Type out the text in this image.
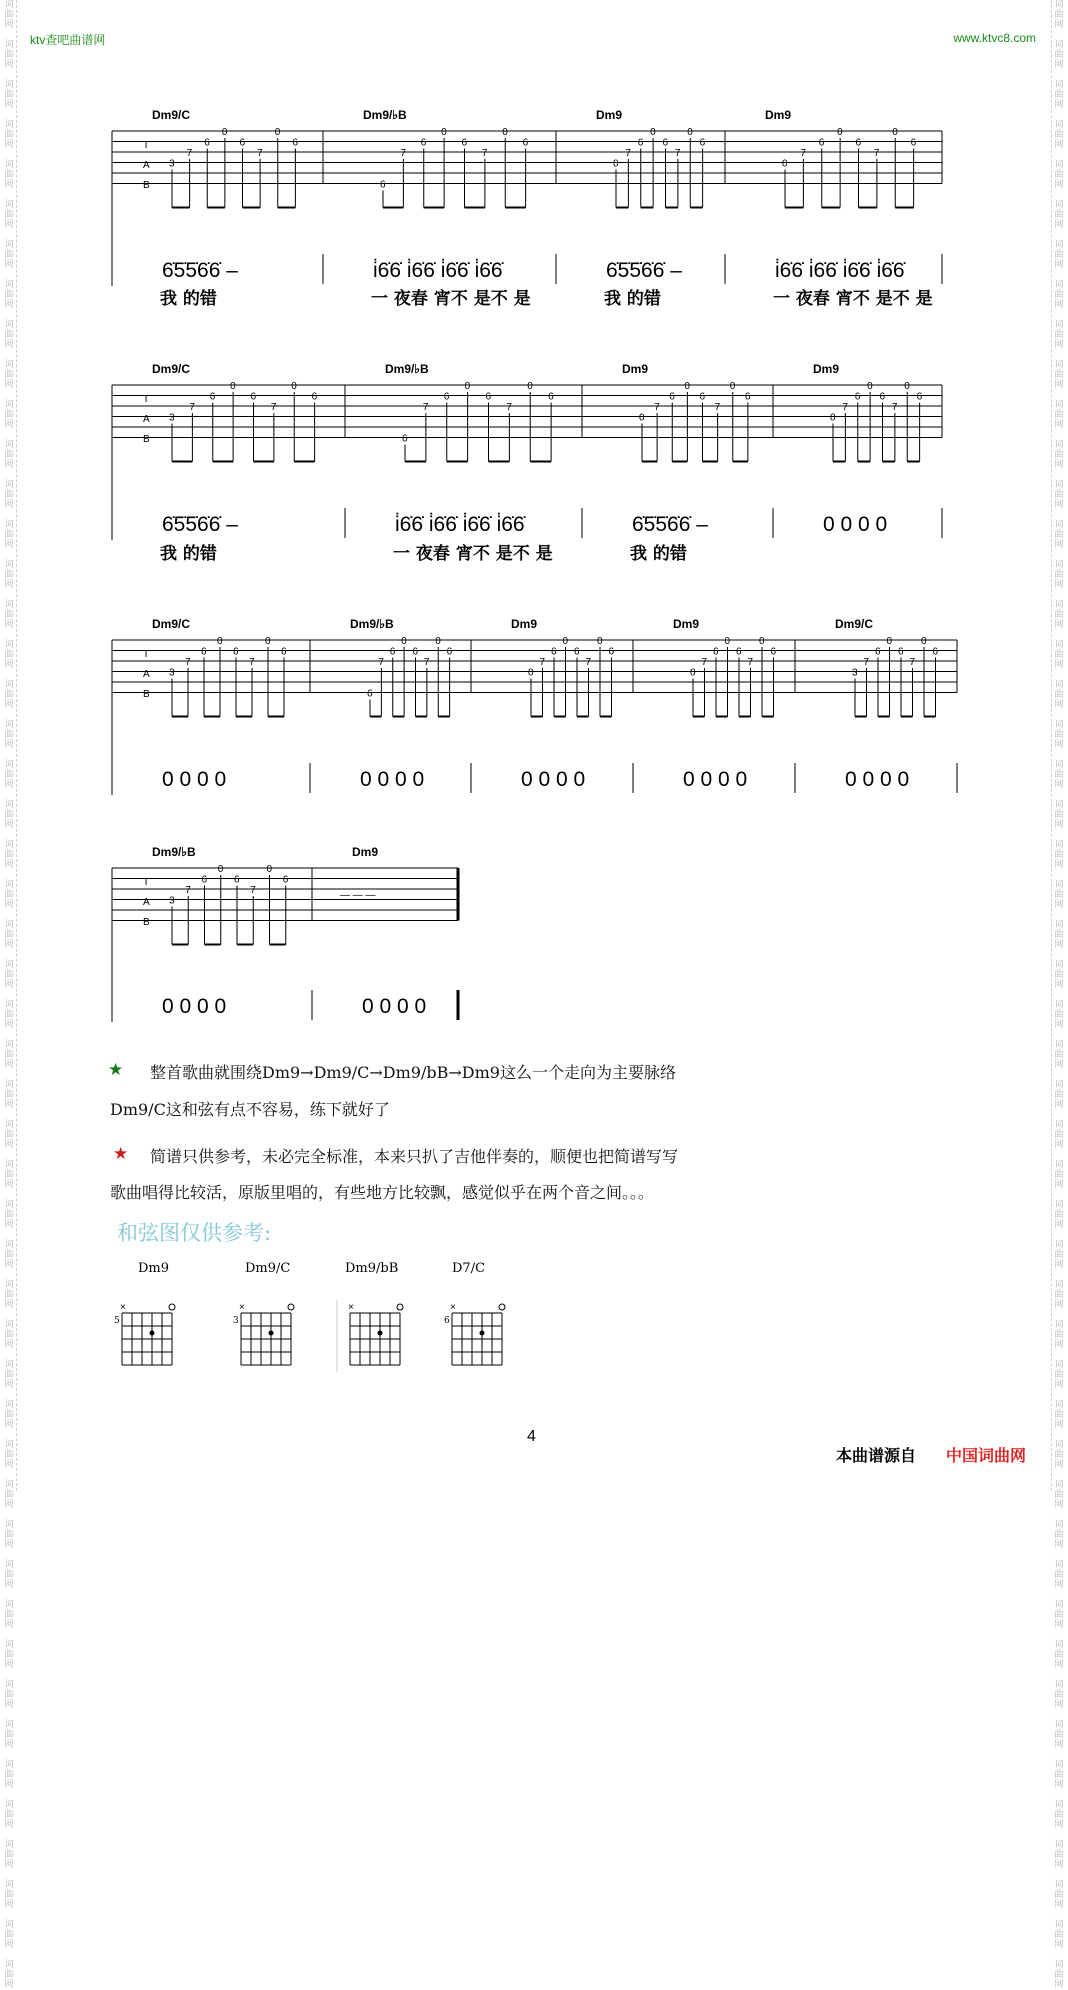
词
曲
网

词
曲
网

词
曲
网

词
曲
网

词
曲
网

词
曲
网

词
曲
网

词
曲
网

词
曲
网

词
曲
网

词
曲
网

词
曲
网

词
曲
网

词
曲
网

词
曲
网

词
曲
网

词
曲
网

词
曲
网

词
曲
网

词
曲
网

词
曲
网

词
曲
网

词
曲
网

词
曲
网

词
曲
网

词
曲
网

词
曲
网

词
曲
网

词
曲
网

词
曲
网

词
曲
网

词
曲
网

词
曲
网

词
曲
网

词
曲
网

词
曲
网

词
曲
网

词
曲
网

词
曲
网

词
曲
网

词
曲
网

词
曲
网

词
曲
网

词
曲
网

词
曲
网

词
曲
网

词
曲
网

词
曲
网

词
曲
网

词
曲
网

词
曲
网

词
曲
网

词
曲
网

词
曲
网

词
曲
网

词
曲
网

词
曲
网

词
曲
网

词
曲
网

词
曲
网

词
曲
网

词
曲
网

词
曲
网

词
曲
网

词
曲
网

词
曲
网

词
曲
网

词
曲
网

词
曲
网

词
曲
网

词
曲
网

词
曲
网

词
曲
网

词
曲
网

词
曲
网

词
曲
网

词
曲
网

词
曲
网

词
曲
网

词
曲
网

词
曲
网

词
曲
网

词
曲
网

词
曲
网

词
曲
网

词
曲
网

词
曲
网

词
曲
网

词
曲
网

词
曲
网

词
曲
网

词
曲
网

词
曲
网

词
曲
网

词
曲
网

词
曲
网

词
曲
网

词
曲
网

词
曲
网

词
曲
网

ktv查吧曲谱网	www.ktvc8.com
T
A
B
Dm9/C
3
7
6
0
6
7
0
6
6̇5̇5̇6̇6̇ –
我 的错
Dm9/♭B
6
7
6
0
6
7
0
6
i̇6̇6̇ i̇6̇6̇ i̇6̇6̇ i̇6̇6̇
一 夜春 宵不 是不 是
Dm9
0
7
6
0
6
7
0
6
6̇5̇5̇6̇6̇ –
我 的错
Dm9
0
7
6
0
6
7
0
6
i̇6̇6̇ i̇6̇6̇ i̇6̇6̇ i̇6̇6̇
一 夜春 宵不 是不 是
T
A
B
Dm9/C
3
7
6
0
6
7
0
6
6̇5̇5̇6̇6̇ –
我 的错
Dm9/♭B
6
7
6
0
6
7
0
6
i̇6̇6̇ i̇6̇6̇ i̇6̇6̇ i̇6̇6̇
一 夜春 宵不 是不 是
Dm9
0
7
6
0
6
7
0
6
6̇5̇5̇6̇6̇ –
我 的错
Dm9
0
7
6
0
6
7
0
6
0 0 0 0
T
A
B
Dm9/C
3
7
6
0
6
7
0
6
0 0 0 0
Dm9/♭B
6
7
6
0
6
7
0
6
0 0 0 0
Dm9
0
7
6
0
6
7
0
6
0 0 0 0
Dm9
0
7
6
0
6
7
0
6
0 0 0 0
Dm9/C
3
7
6
0
6
7
0
6
0 0 0 0
T
A
B
Dm9/♭B
3
7
6
0
6
7
0
6
0 0 0 0
Dm9
— — —
0 0 0 0
5
×
3
×	×
6
×
★ 整首歌曲就围绕Dm9→Dm9/C→Dm9/bB→Dm9这么一个走向为主要脉络
Dm9/C这和弦有点不容易，练下就好了
★ 简谱只供参考，未必完全标准，本来只扒了吉他伴奏的，顺便也把简谱写写
歌曲唱得比较活，原版里唱的，有些地方比较飘，感觉似乎在两个音之间。。。
和弦图仅供参考:
Dm9	Dm9/C	Dm9/bB	D7/C
4
本曲谱源自 中国词曲网
